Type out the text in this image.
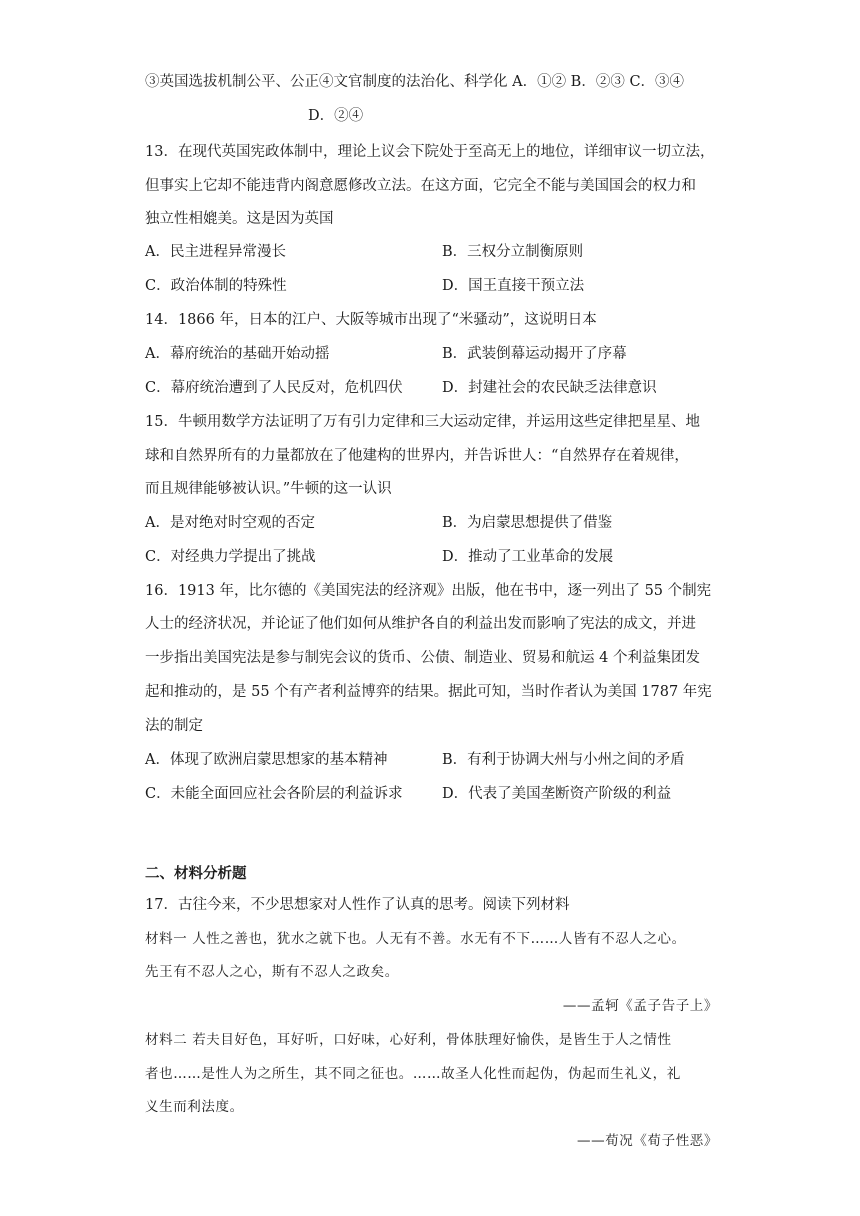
③英国选拔机制公平、公正④文官制度的法治化、科学化 A．①② B．②③ C．③④
D．②④
13．在现代英国宪政体制中，理论上议会下院处于至高无上的地位，详细审议一切立法，
但事实上它却不能违背内阁意愿修改立法。在这方面，它完全不能与美国国会的权力和
独立性相媲美。这是因为英国
A．民主进程异常漫长	B．三权分立制衡原则
C．政治体制的特殊性	D．国王直接干预立法
14．1866 年，日本的江户、大阪等城市出现了“米骚动”，这说明日本
A．幕府统治的基础开始动摇	B．武装倒幕运动揭开了序幕
C．幕府统治遭到了人民反对，危机四伏	D．封建社会的农民缺乏法律意识
15．牛顿用数学方法证明了万有引力定律和三大运动定律，并运用这些定律把星星、地
球和自然界所有的力量都放在了他建构的世界内，并告诉世人：“自然界存在着规律，
而且规律能够被认识。”牛顿的这一认识
A．是对绝对时空观的否定	B．为启蒙思想提供了借鉴
C．对经典力学提出了挑战	D．推动了工业革命的发展
16．1913 年，比尔德的《美国宪法的经济观》出版，他在书中，逐一列出了 55 个制宪
人士的经济状况，并论证了他们如何从维护各自的利益出发而影响了宪法的成文，并进
一步指出美国宪法是参与制宪会议的货币、公债、制造业、贸易和航运 4 个利益集团发
起和推动的，是 55 个有产者利益博弈的结果。据此可知，当时作者认为美国 1787 年宪
法的制定
A．体现了欧洲启蒙思想家的基本精神	B．有利于协调大州与小州之间的矛盾
C．未能全面回应社会各阶层的利益诉求	D．代表了美国垄断资产阶级的利益
二、材料分析题
17．古往今来，不少思想家对人性作了认真的思考。阅读下列材料
材料一 人性之善也，犹水之就下也。人无有不善。水无有不下……人皆有不忍人之心。
先王有不忍人之心，斯有不忍人之政矣。
——孟轲《孟子告子上》
材料二 若夫目好色，耳好听，口好味，心好利，骨体肤理好愉佚，是皆生于人之情性
者也……是性人为之所生，其不同之征也。……故圣人化性而起伪，伪起而生礼义，礼
义生而利法度。
——荀况《荀子性恶》
